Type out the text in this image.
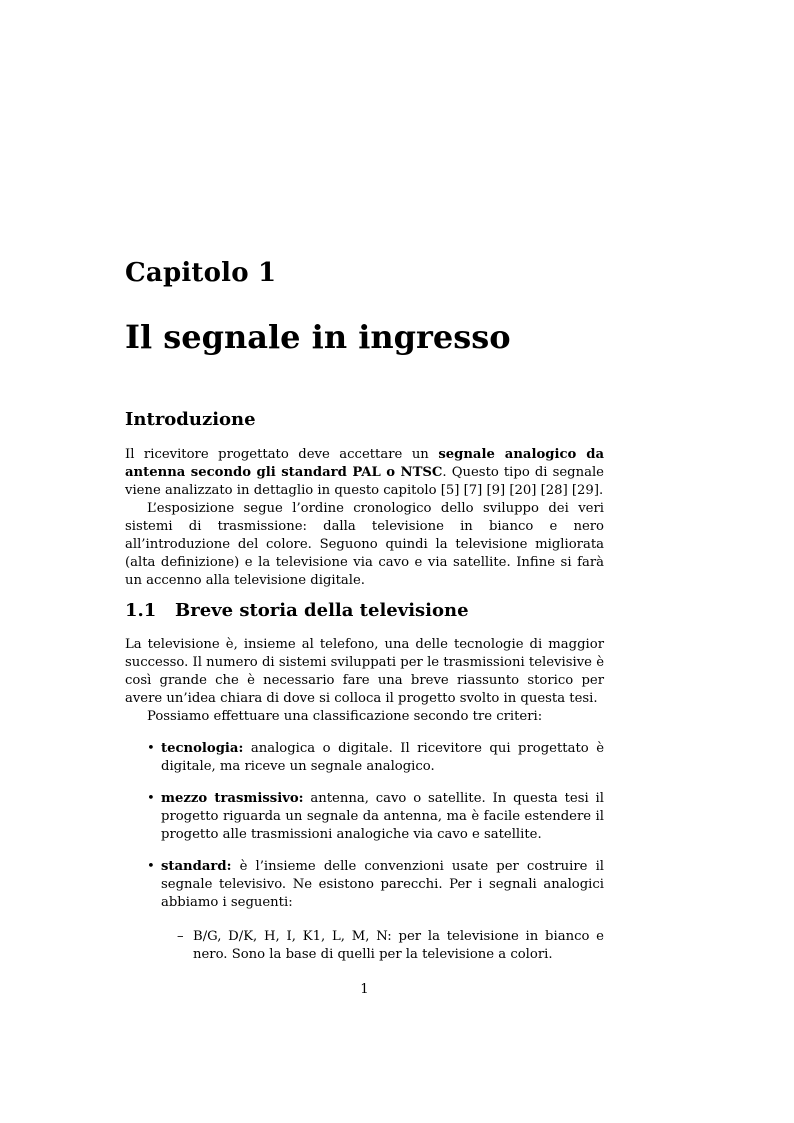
Capitolo 1
Il segnale in ingresso
Introduzione

Il ricevitore progettato deve accettare un segnale analogico da antenna secondo gli standard PAL o NTSC. Questo tipo di segnale viene analizzato in dettaglio in questo capitolo [5] [7] [9] [20] [28] [29].

L’esposizione segue l’ordine cronologico dello sviluppo dei veri sistemi di trasmissione: dalla televisione in bianco e nero all’introduzione del colore. Seguono quindi la televisione migliorata (alta definizione) e la televisione via cavo e via satellite. Infine si farà un accenno alla televisione digitale.

1.1 Breve storia della televisione

La televisione è, insieme al telefono, una delle tecnologie di maggior successo. Il numero di sistemi sviluppati per le trasmissioni televisive è così grande che è necessario fare una breve riassunto storico per avere un’idea chiara di dove si colloca il progetto svolto in questa tesi.

Possiamo effettuare una classificazione secondo tre criteri:

• tecnologia: analogica o digitale. Il ricevitore qui progettato è digitale, ma riceve un segnale analogico.
• mezzo trasmissivo: antenna, cavo o satellite. In questa tesi il progetto riguarda un segnale da antenna, ma è facile estendere il progetto alle trasmissioni analogiche via cavo e satellite.
• standard: è l’insieme delle convenzioni usate per costruire il segnale televisivo. Ne esistono parecchi. Per i segnali analogici abbiamo i seguenti:
– B/G, D/K, H, I, K1, L, M, N: per la televisione in bianco e nero. Sono la base di quelli per la televisione a colori.
1
